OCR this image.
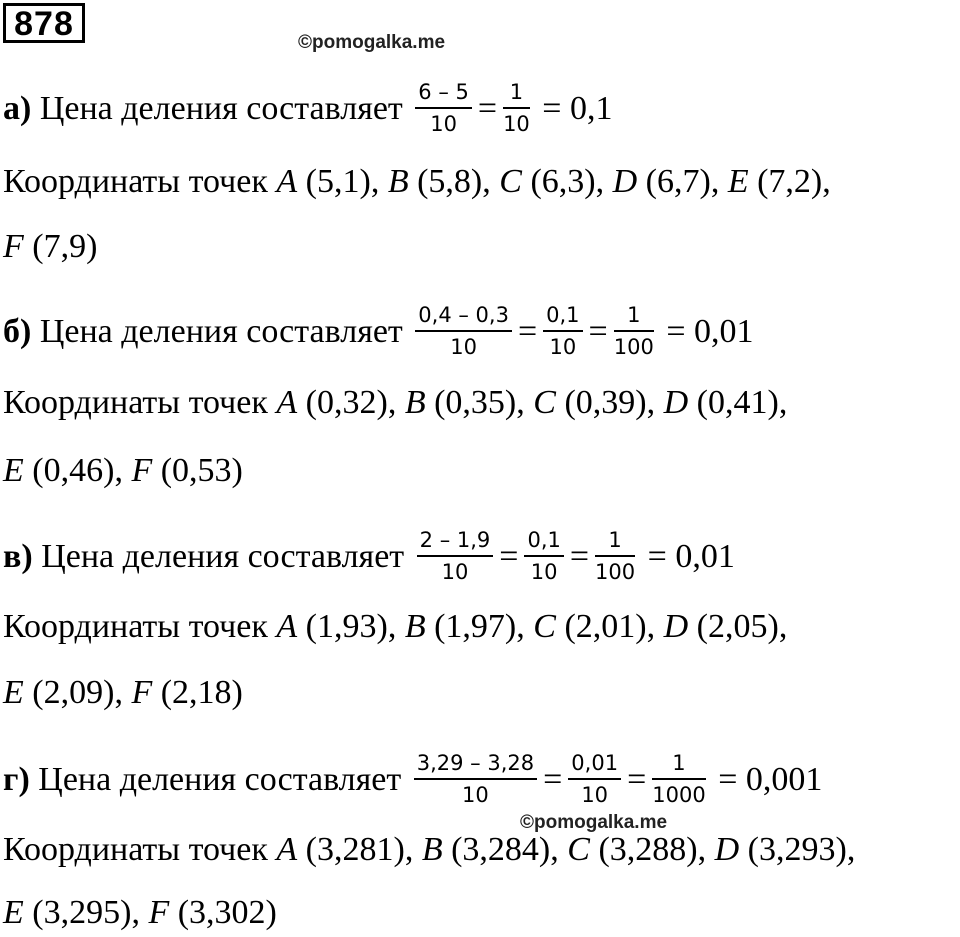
878	©pomogalka.me
а) Цена деления составляет $\frac{6 - 5}{10} = \frac{1}{10} = 0,1$
Координаты точек A (5,1), B (5,8), C (6,3), D (6,7), E (7,2),
F (7,9)
б) Цена деления составляет $\frac{0,4 - 0,3}{10} = \frac{0,1}{10} = \frac{1}{100} = 0,01$
Координаты точек A (0,32), B (0,35), C (0,39), D (0,41),
E (0,46), F (0,53)
в) Цена деления составляет $\frac{2 - 1,9}{10} = \frac{0,1}{10} = \frac{1}{100} = 0,01$
Координаты точек A (1,93), B (1,97), C (2,01), D (2,05),
E (2,09), F (2,18)
г) Цена деления составляет $\frac{3,29 - 3,28}{10} = \frac{0,01}{10} = \frac{1}{1000} = 0,001$
©pomogalka.me
Координаты точек A (3,281), B (3,284), C (3,288), D (3,293),
E (3,295), F (3,302)
